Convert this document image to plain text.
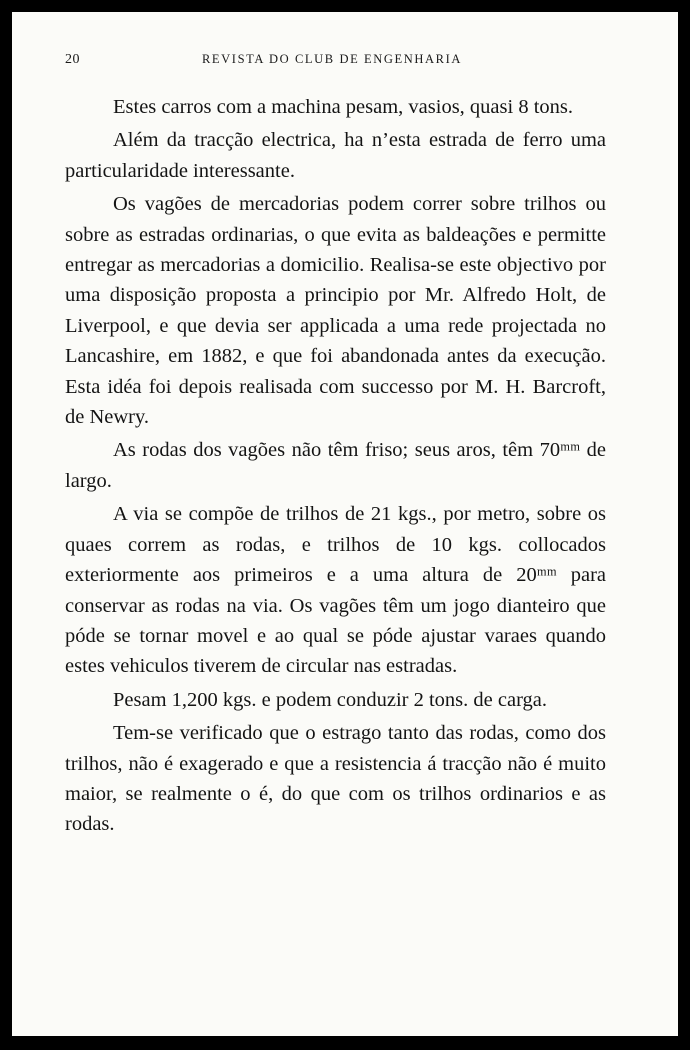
20	REVISTA DO CLUB DE ENGENHARIA

Estes carros com a machina pesam, vasios, quasi 8 tons.

Além da tracção electrica, ha n’esta estrada de ferro uma particularidade interessante.

Os vagões de mercadorias podem correr sobre trilhos ou sobre as estradas ordinarias, o que evita as baldeações e permitte entregar as mercadorias a domicilio. Realisa-se este objectivo por uma disposição proposta a principio por Mr. Alfredo Holt, de Liverpool, e que devia ser applicada a uma rede projectada no Lancashire, em 1882, e que foi abandonada antes da execução. Esta idéa foi depois realisada com successo por M. H. Barcroft, de Newry.

As rodas dos vagões não têm friso; seus aros, têm 70ᵐᵐ de largo.

A via se compõe de trilhos de 21 kgs., por metro, sobre os quaes correm as rodas, e trilhos de 10 kgs. collocados exteriormente aos primeiros e a uma altura de 20ᵐᵐ para conservar as rodas na via. Os vagões têm um jogo dianteiro que póde se tornar movel e ao qual se póde ajustar varaes quando estes vehiculos tiverem de circular nas estradas.

Pesam 1,200 kgs. e podem conduzir 2 tons. de carga.

Tem-se verificado que o estrago tanto das rodas, como dos trilhos, não é exagerado e que a resistencia á tracção não é muito maior, se realmente o é, do que com os trilhos ordinarios e as rodas.
